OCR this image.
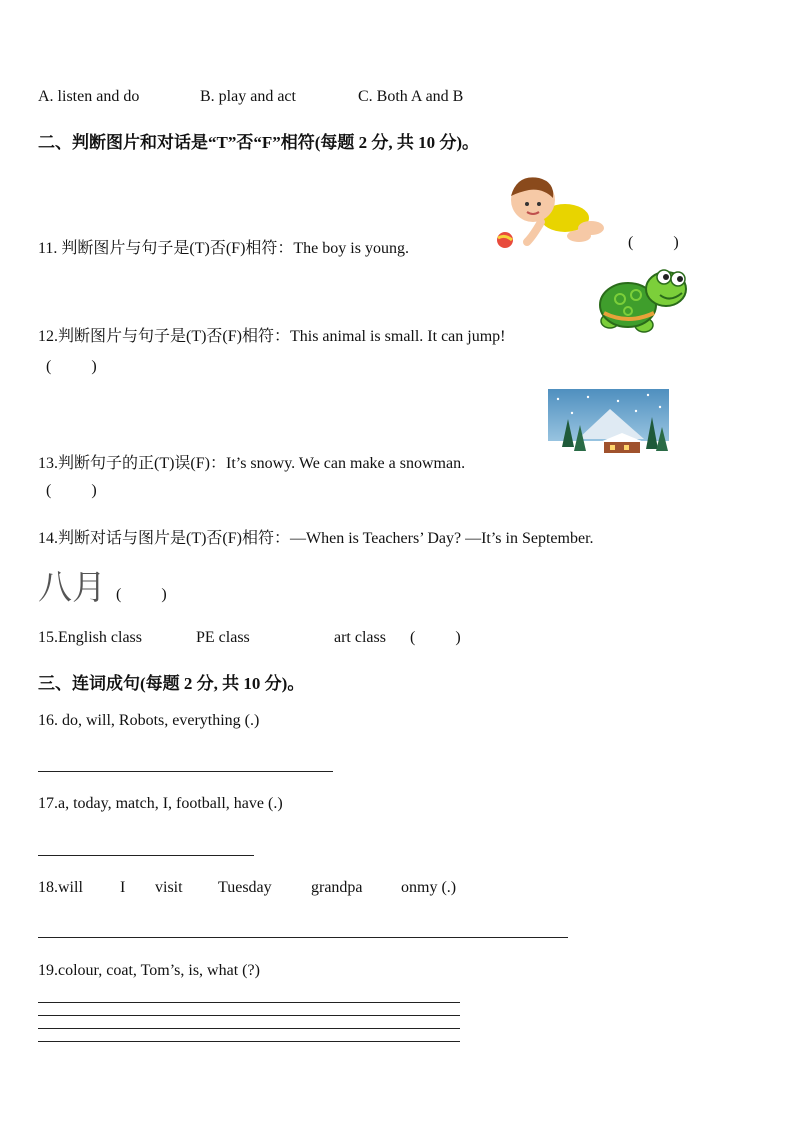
A. listen and do	B. play and act	C. Both A and B
二、判断图片和对话是“T”否“F”相符(每题 2 分, 共 10 分)。
11. 判断图片与句子是(T)否(F)相符：The boy is young.	(          )
12.判断图片与句子是(T)否(F)相符：This animal is small. It can jump!
(          )
13.判断句子的正(T)误(F)：It’s snowy. We can make a snowman.
(          )
14.判断对话与图片是(T)否(F)相符：—When is Teachers’ Day? —It’s in September.
八月 (          )
15.English class	PE class	art class (          )
三、连词成句(每题 2 分, 共 10 分)。
16. do, will, Robots, everything (.)
17.a, today, match, I, football, have (.)
18.will I visit Tuesday grandpa onmy (.)
19.colour, coat, Tom’s, is, what (?)
